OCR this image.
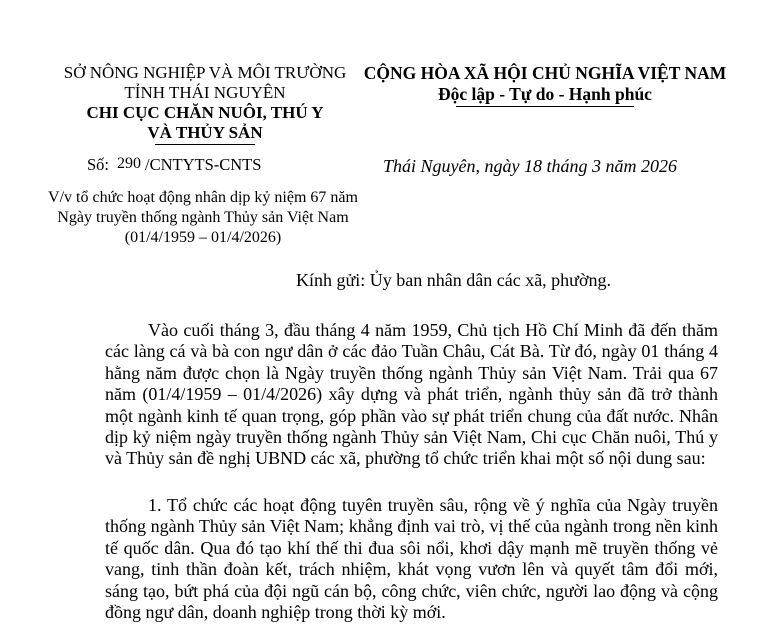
SỞ NÔNG NGHIỆP VÀ MÔI TRƯỜNG
TỈNH THÁI NGUYÊN
CHI CỤC CHĂN NUÔI, THÚ Y
VÀ THỦY SẢN
CỘNG HÒA XÃ HỘI CHỦ NGHĨA VIỆT NAM
Độc lập - Tự do - Hạnh phúc
Số: 290 /CNTYTS-CNTS	Thái Nguyên, ngày 18 tháng 3 năm 2026
V/v tổ chức hoạt động nhân dịp kỷ niệm 67 năm Ngày truyền thống ngành Thủy sản Việt Nam (01/4/1959 – 01/4/2026)
Kính gửi: Ủy ban nhân dân các xã, phường.
Vào cuối tháng 3, đầu tháng 4 năm 1959, Chủ tịch Hồ Chí Minh đã đến thăm các làng cá và bà con ngư dân ở các đảo Tuần Châu, Cát Bà. Từ đó, ngày 01 tháng 4 hằng năm được chọn là Ngày truyền thống ngành Thủy sản Việt Nam. Trải qua 67 năm (01/4/1959 – 01/4/2026) xây dựng và phát triển, ngành thủy sản đã trở thành một ngành kinh tế quan trọng, góp phần vào sự phát triển chung của đất nước. Nhân dịp kỷ niệm ngày truyền thống ngành Thủy sản Việt Nam, Chi cục Chăn nuôi, Thú y và Thủy sản đề nghị UBND các xã, phường tổ chức triển khai một số nội dung sau:
1. Tổ chức các hoạt động tuyên truyền sâu, rộng về ý nghĩa của Ngày truyền thống ngành Thủy sản Việt Nam; khẳng định vai trò, vị thế của ngành trong nền kinh tế quốc dân. Qua đó tạo khí thế thi đua sôi nổi, khơi dậy mạnh mẽ truyền thống vẻ vang, tinh thần đoàn kết, trách nhiệm, khát vọng vươn lên và quyết tâm đổi mới, sáng tạo, bứt phá của đội ngũ cán bộ, công chức, viên chức, người lao động và cộng đồng ngư dân, doanh nghiệp trong thời kỳ mới.
